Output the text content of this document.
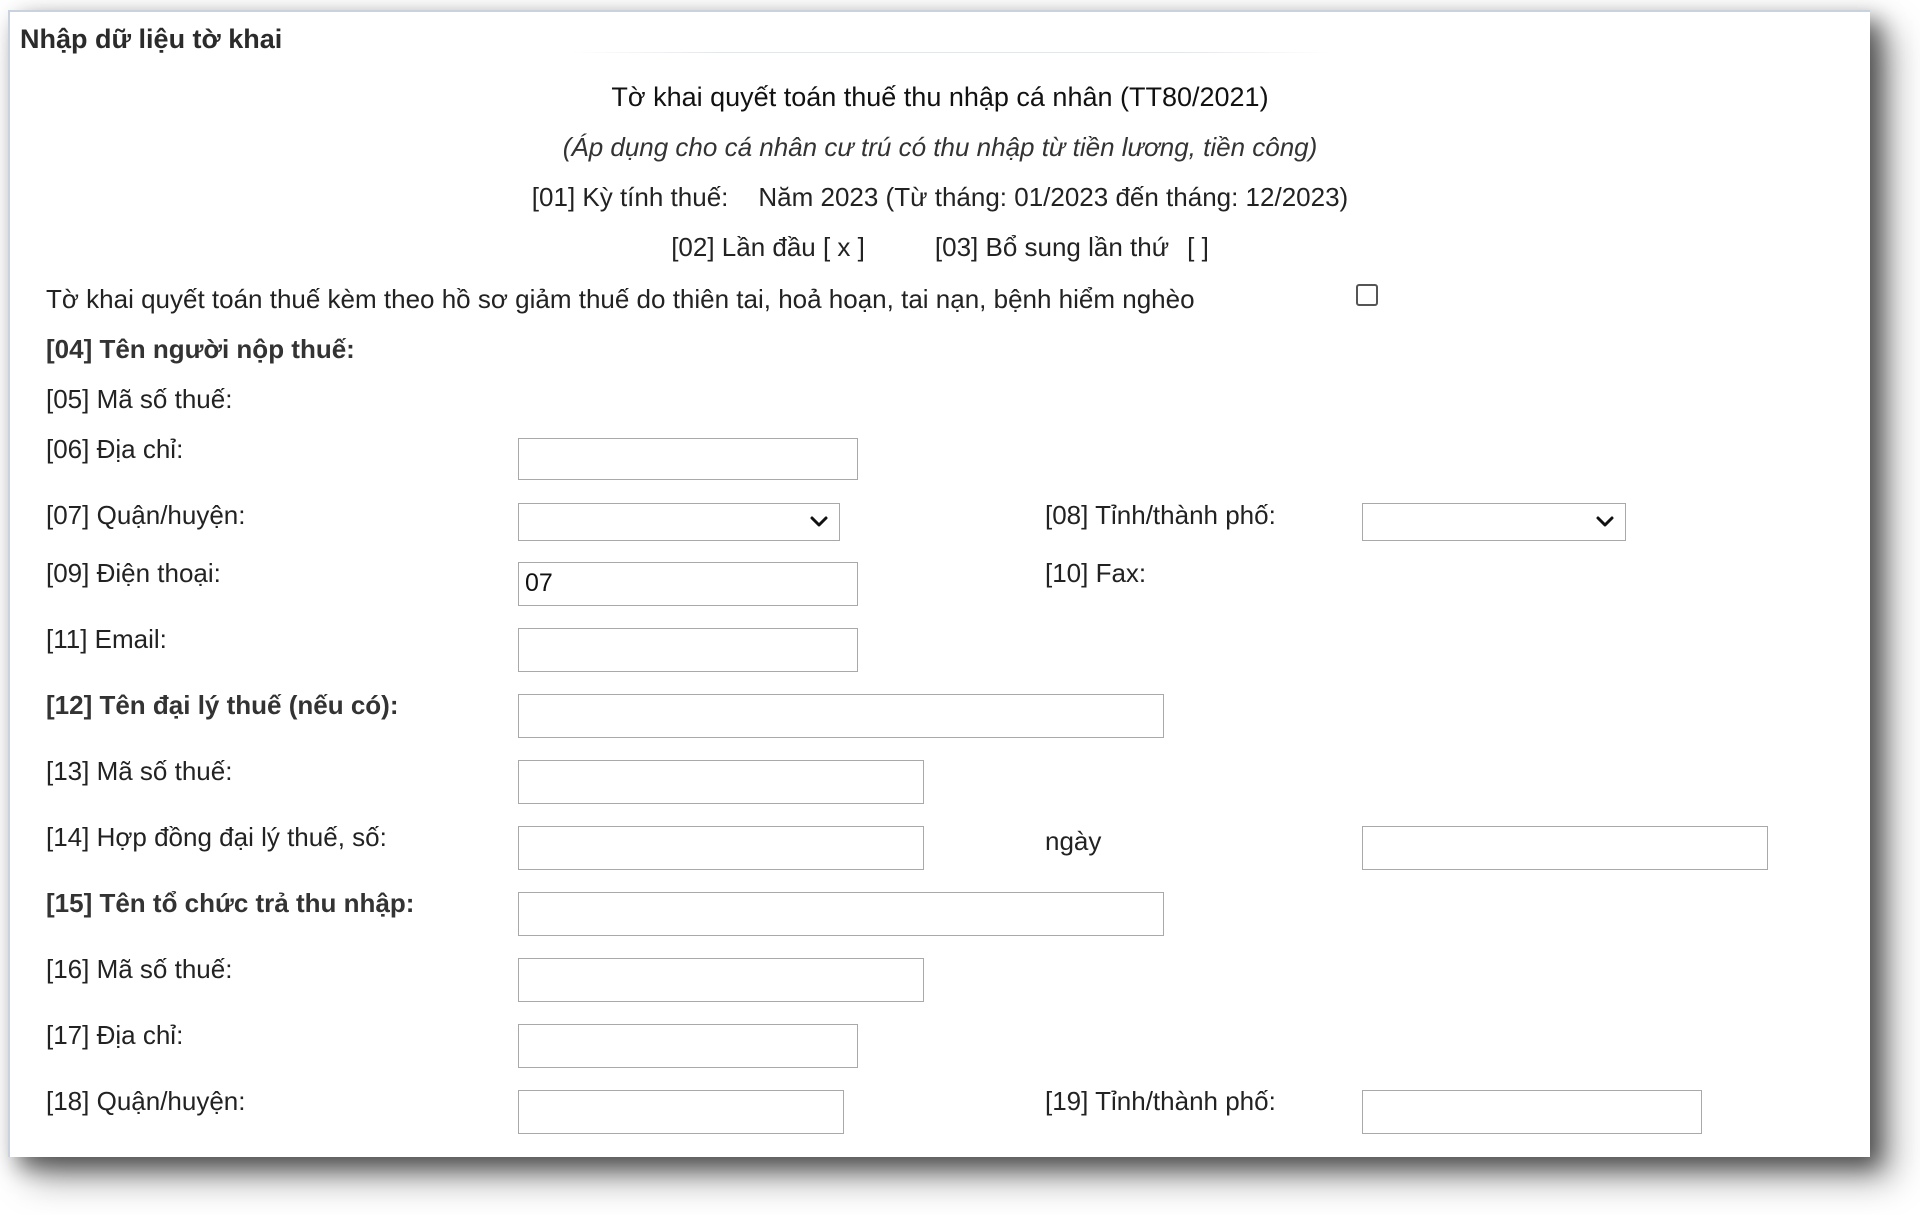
Nhập dữ liệu tờ khai
Tờ khai quyết toán thuế thu nhập cá nhân (TT80/2021)
(Áp dụng cho cá nhân cư trú có thu nhập từ tiền lương, tiền công)
[01] Kỳ tính thuế: Năm 2023 (Từ tháng: 01/2023 đến tháng: 12/2023)
[02] Lần đầu [ x ]	[03] Bổ sung lần thứ [ ]
Tờ khai quyết toán thuế kèm theo hồ sơ giảm thuế do thiên tai, hoả hoạn, tai nạn, bệnh hiểm nghèo
[04] Tên người nộp thuế:
[05] Mã số thuế:
[06] Địa chỉ:
[07] Quận/huyện:	[08] Tỉnh/thành phố:
[09] Điện thoại:	07	[10] Fax:
[11] Email:
[12] Tên đại lý thuế (nếu có):
[13] Mã số thuế:
[14] Hợp đồng đại lý thuế, số:	ngày
[15] Tên tổ chức trả thu nhập:
[16] Mã số thuế:
[17] Địa chỉ:
[18] Quận/huyện:	[19] Tỉnh/thành phố:
